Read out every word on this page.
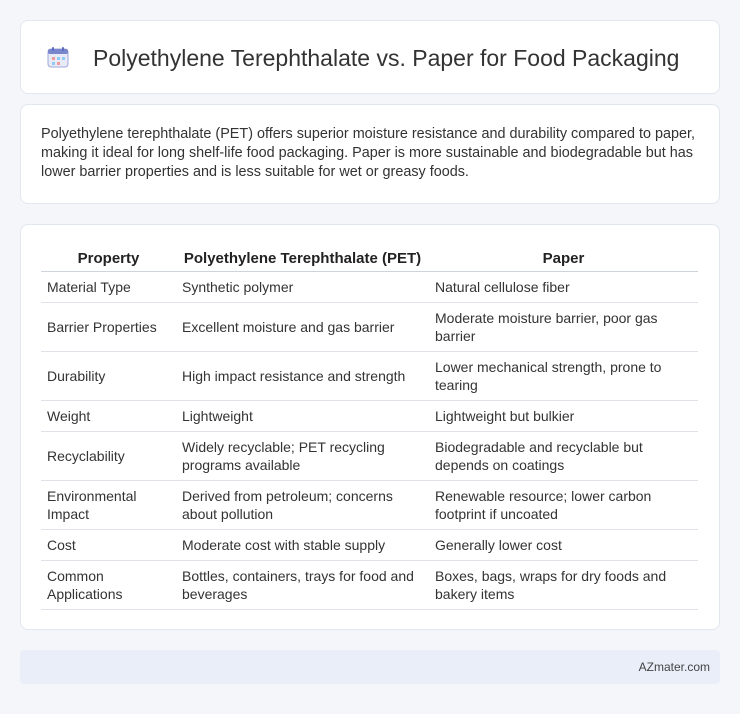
Polyethylene Terephthalate vs. Paper for Food Packaging

Polyethylene terephthalate (PET) offers superior moisture resistance and durability compared to paper, making it ideal for long shelf-life food packaging. Paper is more sustainable and biodegradable but has lower barrier properties and is less suitable for wet or greasy foods.

Property	Polyethylene Terephthalate (PET)	Paper
Material Type	Synthetic polymer	Natural cellulose fiber
Barrier Properties	Excellent moisture and gas barrier	Moderate moisture barrier, poor gas barrier
Durability	High impact resistance and strength	Lower mechanical strength, prone to tearing
Weight	Lightweight	Lightweight but bulkier
Recyclability	Widely recyclable; PET recycling programs available	Biodegradable and recyclable but depends on coatings
Environmental Impact	Derived from petroleum; concerns about pollution	Renewable resource; lower carbon footprint if uncoated
Cost	Moderate cost with stable supply	Generally lower cost
Common Applications	Bottles, containers, trays for food and beverages	Boxes, bags, wraps for dry foods and bakery items
AZmater.com
